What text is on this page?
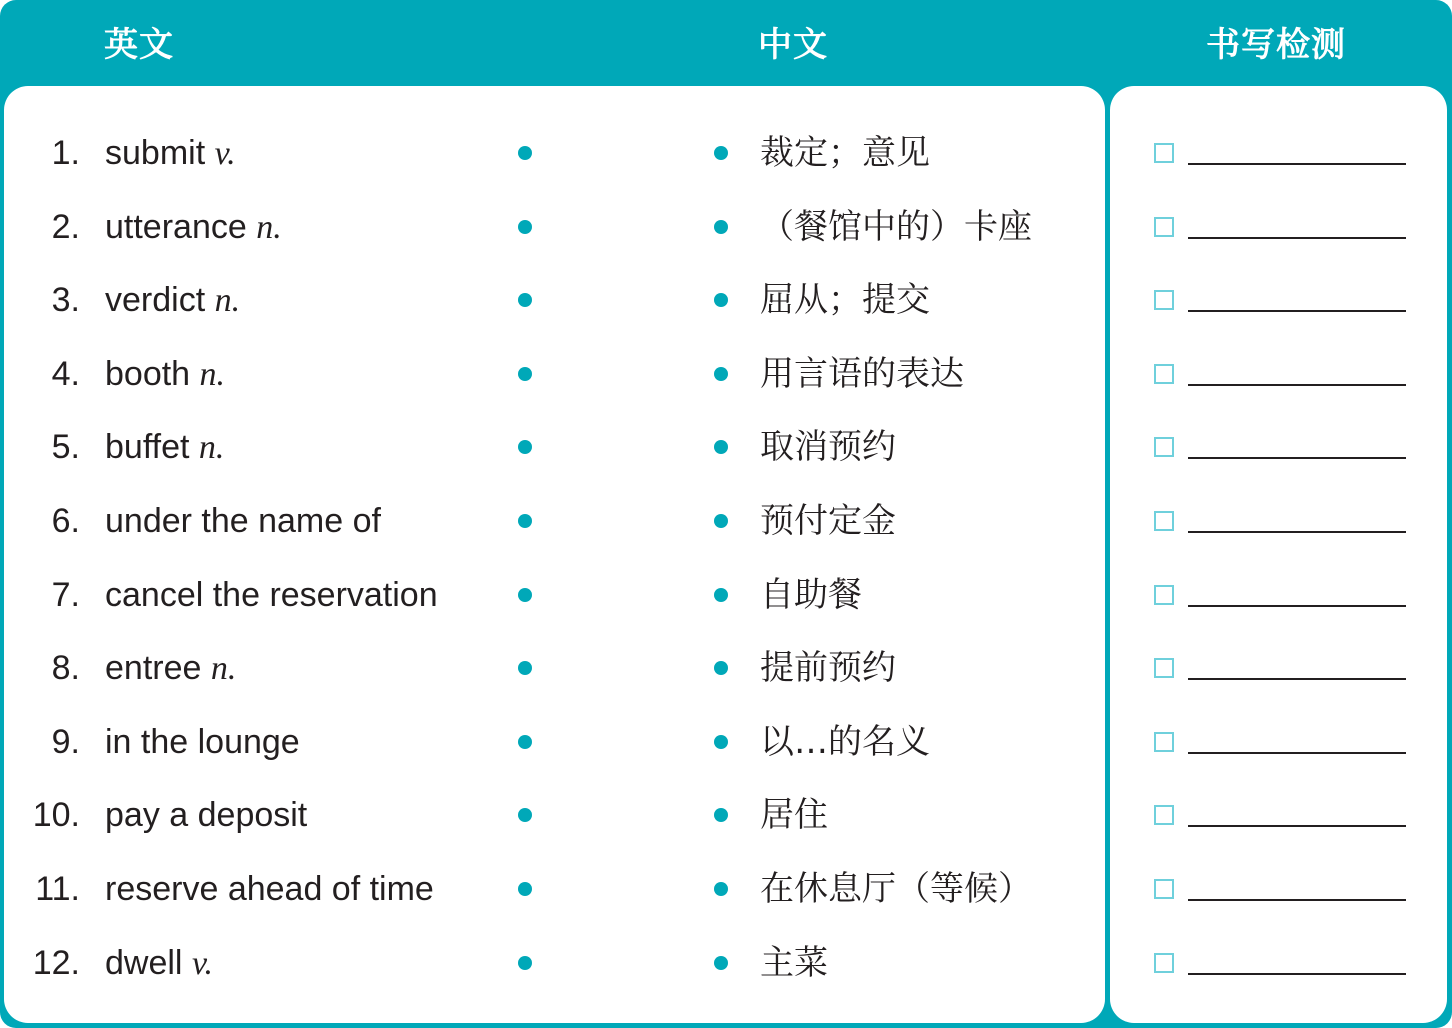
英文	中文	书写检测
1. submit v.	裁定；意见
2. utterance n.	（餐馆中的）卡座
3. verdict n.	屈从；提交
4. booth n.	用言语的表达
5. buffet n.	取消预约
6. under the name of	预付定金
7. cancel the reservation	自助餐
8. entree n.	提前预约
9. in the lounge	以…的名义
10. pay a deposit	居住
11. reserve ahead of time	在休息厅（等候）
12. dwell v.	主菜
